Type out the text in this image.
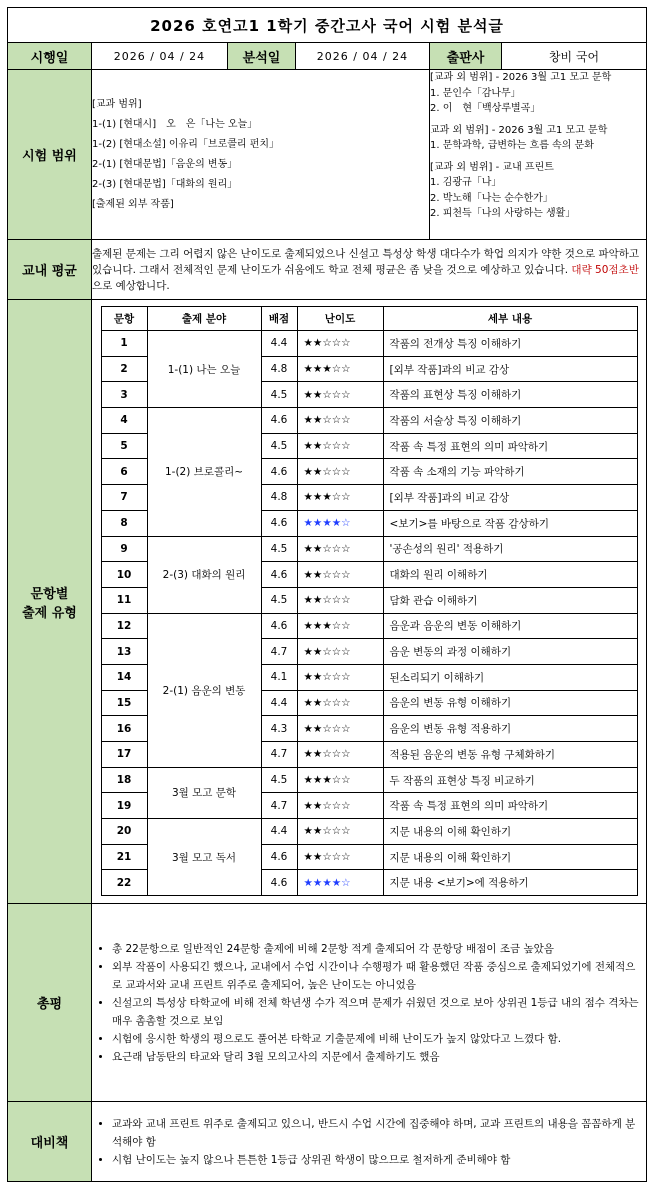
2026 호연고1 1학기 중간고사 국어 시험 분석글
시행일	2026 / 04 / 24	분석일	2026 / 04 / 24	출판사	창비 국어
시험 범위	
[교과 범위]
1-(1) [현대시]　오　은「나는 오늘」
1-(2) [현대소설] 이유리「브로콜리 펀치」
2-(1) [현대문법]「음운의 변동」
2-(3) [현대문법]「대화의 원리」
[출제된 외부 작품]

[교과 외 범위] - 2026 3월 고1 모고 문학
1. 문인수「감나무」
2. 이　현「백상루별곡」
교과 외 범위] - 2026 3월 고1 모고 문학
1. 문학과학, 급변하는 흐름 속의 문화
[교과 외 범위] - 교내 프린트
1. 김광규「나」
2. 박노해「나는 순수한가」
2. 피천득「나의 사랑하는 생활」

교내 평균	출제된 문제는 그리 어렵지 않은 난이도로 출제되었으나 신설고 특성상 학생 대다수가 학업 의지가 약한 것으로 파악하고 있습니다. 그래서 전체적인 문제 난이도가 쉬움에도 학교 전체 평균은 좀 낮을 것으로 예상하고 있습니다. 대략 50점초반으로 예상합니다.

문항별
출제 유형

문항	출제 분야	배점	난이도	세부 내용
1	1-(1) 나는 오늘	4.4	★★☆☆☆	작품의 전개상 특징 이해하기
2	4.8	★★★☆☆	[외부 작품]과의 비교 감상
3	4.5	★★☆☆☆	작품의 표현상 특징 이해하기
4	1-(2) 브로콜리~	4.6	★★☆☆☆	작품의 서술상 특징 이해하기
5	4.5	★★☆☆☆	작품 속 특정 표현의 의미 파악하기
6	4.6	★★☆☆☆	작품 속 소재의 기능 파악하기
7	4.8	★★★☆☆	[외부 작품]과의 비교 감상
8	4.6	★★★★☆	<보기>를 바탕으로 작품 감상하기
9	2-(3) 대화의 원리	4.5	★★☆☆☆	'공손성의 원리' 적용하기
10	4.6	★★☆☆☆	대화의 원리 이해하기
11	4.5	★★☆☆☆	담화 관습 이해하기
12	2-(1) 음운의 변동	4.6	★★★☆☆	음운과 음운의 변동 이해하기
13	4.7	★★☆☆☆	음운 변동의 과정 이해하기
14	4.1	★★☆☆☆	된소리되기 이해하기
15	4.4	★★☆☆☆	음운의 변동 유형 이해하기
16	4.3	★★☆☆☆	음운의 변동 유형 적용하기
17	4.7	★★☆☆☆	적용된 음운의 변동 유형 구체화하기
18	3월 모고 문학	4.5	★★★☆☆	두 작품의 표현상 특징 비교하기
19	4.7	★★☆☆☆	작품 속 특정 표현의 의미 파악하기
20	3월 모고 독서	4.4	★★☆☆☆	지문 내용의 이해 확인하기
21	4.6	★★☆☆☆	지문 내용의 이해 확인하기
22	4.6	★★★★☆	지문 내용 <보기>에 적용하기

총평	
• 총 22문항으로 일반적인 24문항 출제에 비해 2문항 적게 출제되어 각 문항당 배점이 조금 높았음
• 외부 작품이 사용되긴 했으나, 교내에서 수업 시간이나 수행평가 때 활용했던 작품 중심으로 출제되었기에 전체적으로 교과서와 교내 프린트 위주로 출제되어, 높은 난이도는 아니었음
• 신설고의 특성상 타학교에 비해 전체 학년생 수가 적으며 문제가 쉬웠던 것으로 보아 상위권 1등급 내의 점수 격차는 매우 촘촘할 것으로 보임
• 시험에 응시한 학생의 평으로도 풀어본 타학교 기출문제에 비해 난이도가 높지 않았다고 느꼈다 함.
• 요근래 남동탄의 타교와 달리 3월 모의고사의 지문에서 출제하기도 했음

대비책	
• 교과와 교내 프린트 위주로 출제되고 있으니, 반드시 수업 시간에 집중해야 하며, 교과 프린트의 내용을 꼼꼼하게 분석해야 함
• 시험 난이도는 높지 않으나 튼튼한 1등급 상위권 학생이 많으므로 철저하게 준비해야 함
